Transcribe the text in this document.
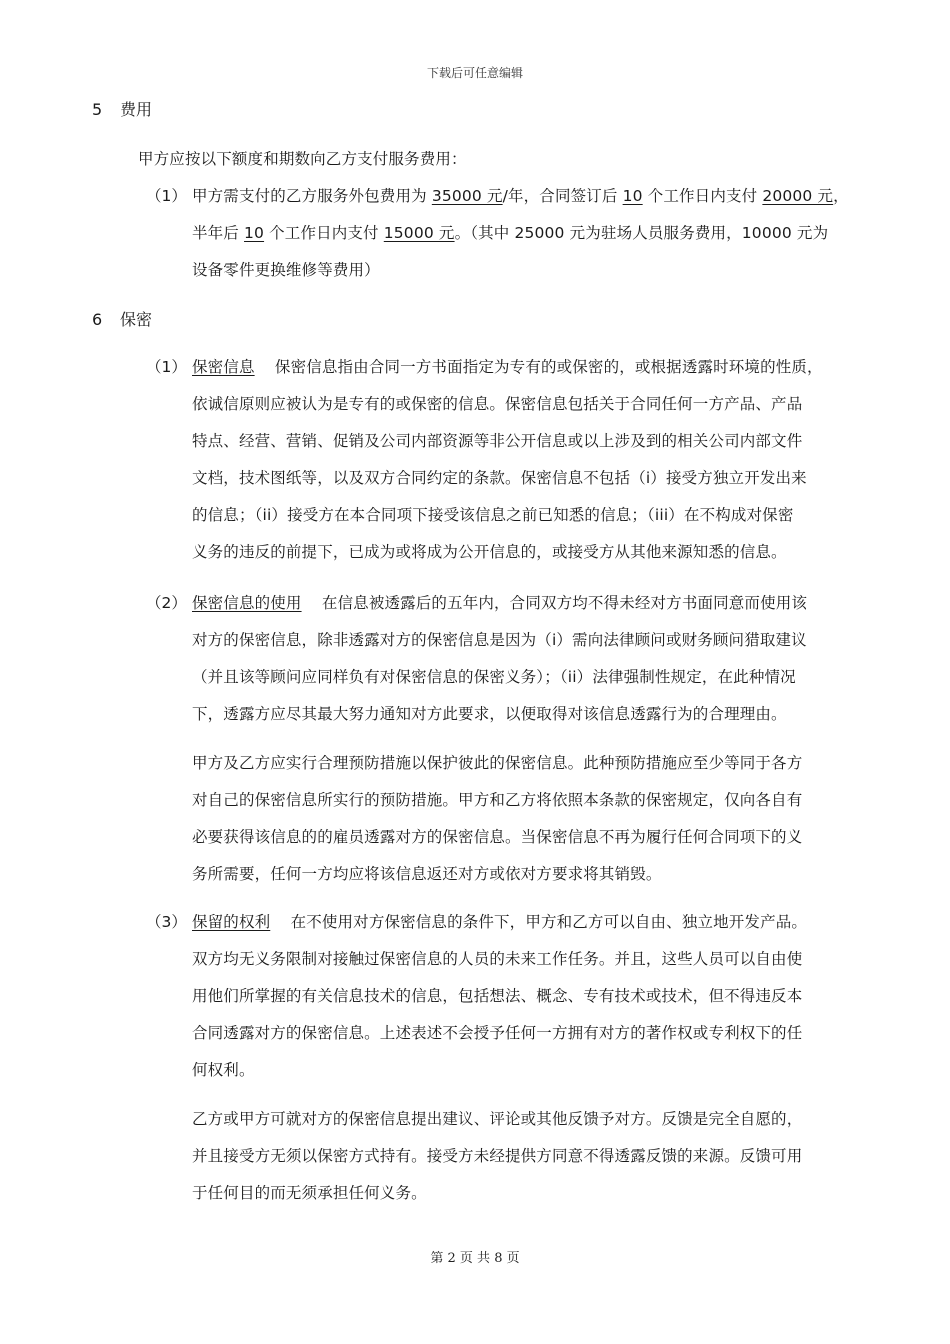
下载后可任意编辑
5 费用
甲方应按以下额度和期数向乙方支付服务费用：
（1） 甲方需支付的乙方服务外包费用为 35000 元/年，合同签订后 10 个工作日内支付 20000 元，
半年后 10 个工作日内支付 15000 元。（其中 25000 元为驻场人员服务费用，10000 元为
设备零件更换维修等费用）
6 保密
（1） 保密信息 保密信息指由合同一方书面指定为专有的或保密的，或根据透露时环境的性质，
依诚信原则应被认为是专有的或保密的信息。保密信息包括关于合同任何一方产品、产品
特点、经营、营销、促销及公司内部资源等非公开信息或以上涉及到的相关公司内部文件
文档，技术图纸等，以及双方合同约定的条款。保密信息不包括（i）接受方独立开发出来
的信息；（ii）接受方在本合同项下接受该信息之前已知悉的信息；（iii）在不构成对保密
义务的违反的前提下，已成为或将成为公开信息的，或接受方从其他来源知悉的信息。
（2） 保密信息的使用 在信息被透露后的五年内，合同双方均不得未经对方书面同意而使用该
对方的保密信息，除非透露对方的保密信息是因为（i）需向法律顾问或财务顾问猎取建议
（并且该等顾问应同样负有对保密信息的保密义务）；（ii）法律强制性规定，在此种情况
下，透露方应尽其最大努力通知对方此要求，以便取得对该信息透露行为的合理理由。
甲方及乙方应实行合理预防措施以保护彼此的保密信息。此种预防措施应至少等同于各方
对自己的保密信息所实行的预防措施。甲方和乙方将依照本条款的保密规定，仅向各自有
必要获得该信息的的雇员透露对方的保密信息。当保密信息不再为履行任何合同项下的义
务所需要，任何一方均应将该信息返还对方或依对方要求将其销毁。
（3） 保留的权利 在不使用对方保密信息的条件下，甲方和乙方可以自由、独立地开发产品。
双方均无义务限制对接触过保密信息的人员的未来工作任务。并且，这些人员可以自由使
用他们所掌握的有关信息技术的信息，包括想法、概念、专有技术或技术，但不得违反本
合同透露对方的保密信息。上述表述不会授予任何一方拥有对方的著作权或专利权下的任
何权利。
乙方或甲方可就对方的保密信息提出建议、评论或其他反馈予对方。反馈是完全自愿的，
并且接受方无须以保密方式持有。接受方未经提供方同意不得透露反馈的来源。反馈可用
于任何目的而无须承担任何义务。
第 2 页 共 8 页
